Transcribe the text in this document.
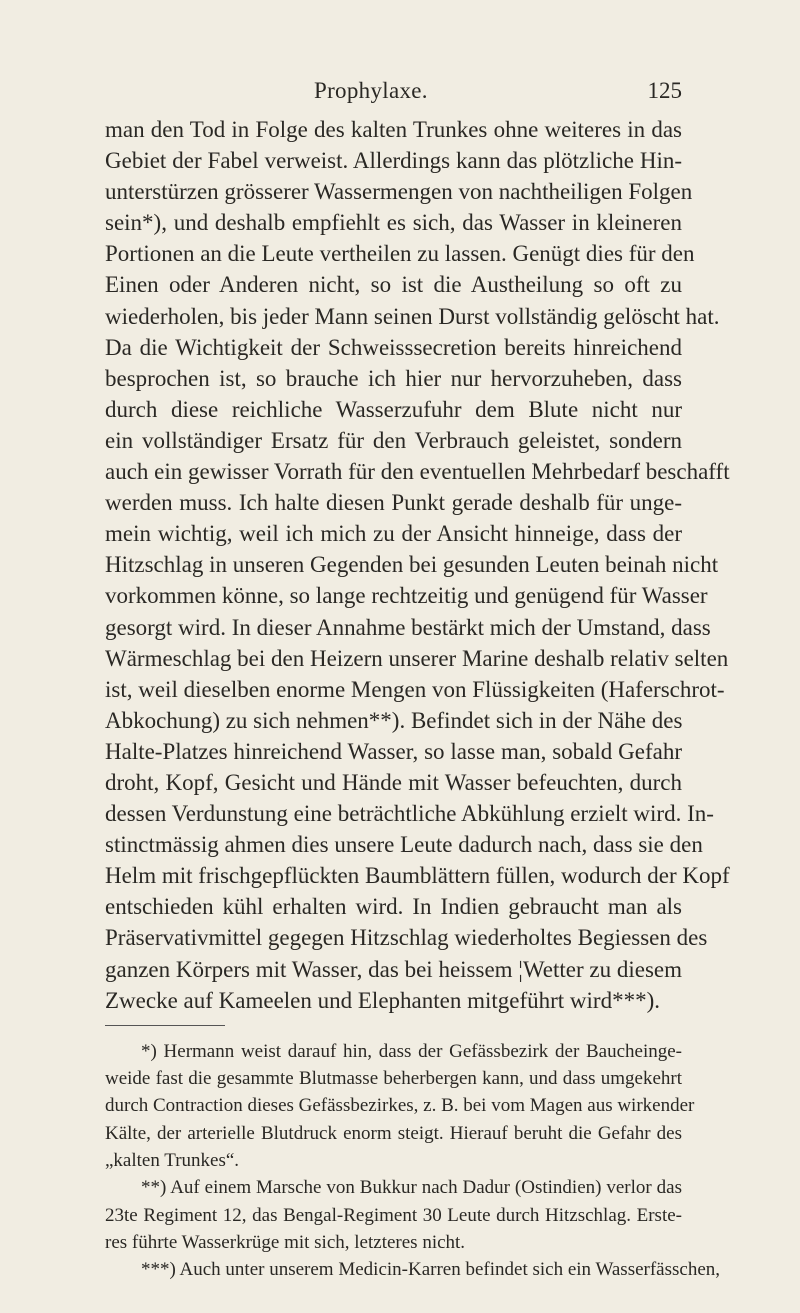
Prophylaxe.	125
man den Tod in Folge des kalten Trunkes ohne weiteres in das
Gebiet der Fabel verweist. Allerdings kann das plötzliche Hin-
unterstürzen grösserer Wassermengen von nachtheiligen Folgen
sein*), und deshalb empfiehlt es sich, das Wasser in kleineren
Portionen an die Leute vertheilen zu lassen. Genügt dies für den
Einen oder Anderen nicht, so ist die Austheilung so oft zu
wiederholen, bis jeder Mann seinen Durst vollständig gelöscht hat.
Da die Wichtigkeit der Schweisssecretion bereits hinreichend
besprochen ist, so brauche ich hier nur hervorzuheben, dass
durch diese reichliche Wasserzufuhr dem Blute nicht nur
ein vollständiger Ersatz für den Verbrauch geleistet, sondern
auch ein gewisser Vorrath für den eventuellen Mehrbedarf beschafft
werden muss. Ich halte diesen Punkt gerade deshalb für unge-
mein wichtig, weil ich mich zu der Ansicht hinneige, dass der
Hitzschlag in unseren Gegenden bei gesunden Leuten beinah nicht
vorkommen könne, so lange rechtzeitig und genügend für Wasser
gesorgt wird. In dieser Annahme bestärkt mich der Umstand, dass
Wärmeschlag bei den Heizern unserer Marine deshalb relativ selten
ist, weil dieselben enorme Mengen von Flüssigkeiten (Haferschrot-
Abkochung) zu sich nehmen**). Befindet sich in der Nähe des
Halte-Platzes hinreichend Wasser, so lasse man, sobald Gefahr
droht, Kopf, Gesicht und Hände mit Wasser befeuchten, durch
dessen Verdunstung eine beträchtliche Abkühlung erzielt wird. In-
stinctmässig ahmen dies unsere Leute dadurch nach, dass sie den
Helm mit frischgepflückten Baumblättern füllen, wodurch der Kopf
entschieden kühl erhalten wird. In Indien gebraucht man als
Präservativmittel gegegen Hitzschlag wiederholtes Begiessen des
ganzen Körpers mit Wasser, das bei heissem ¦Wetter zu diesem
Zwecke auf Kameelen und Elephanten mitgeführt wird***).
*) Hermann weist darauf hin, dass der Gefässbezirk der Baucheinge-
weide fast die gesammte Blutmasse beherbergen kann, und dass umgekehrt
durch Contraction dieses Gefässbezirkes, z. B. bei vom Magen aus wirkender
Kälte, der arterielle Blutdruck enorm steigt. Hierauf beruht die Gefahr des
„kalten Trunkes“.
**) Auf einem Marsche von Bukkur nach Dadur (Ostindien) verlor das
23te Regiment 12, das Bengal-Regiment 30 Leute durch Hitzschlag. Erste-
res führte Wasserkrüge mit sich, letzteres nicht.
***) Auch unter unserem Medicin-Karren befindet sich ein Wasserfässchen,
